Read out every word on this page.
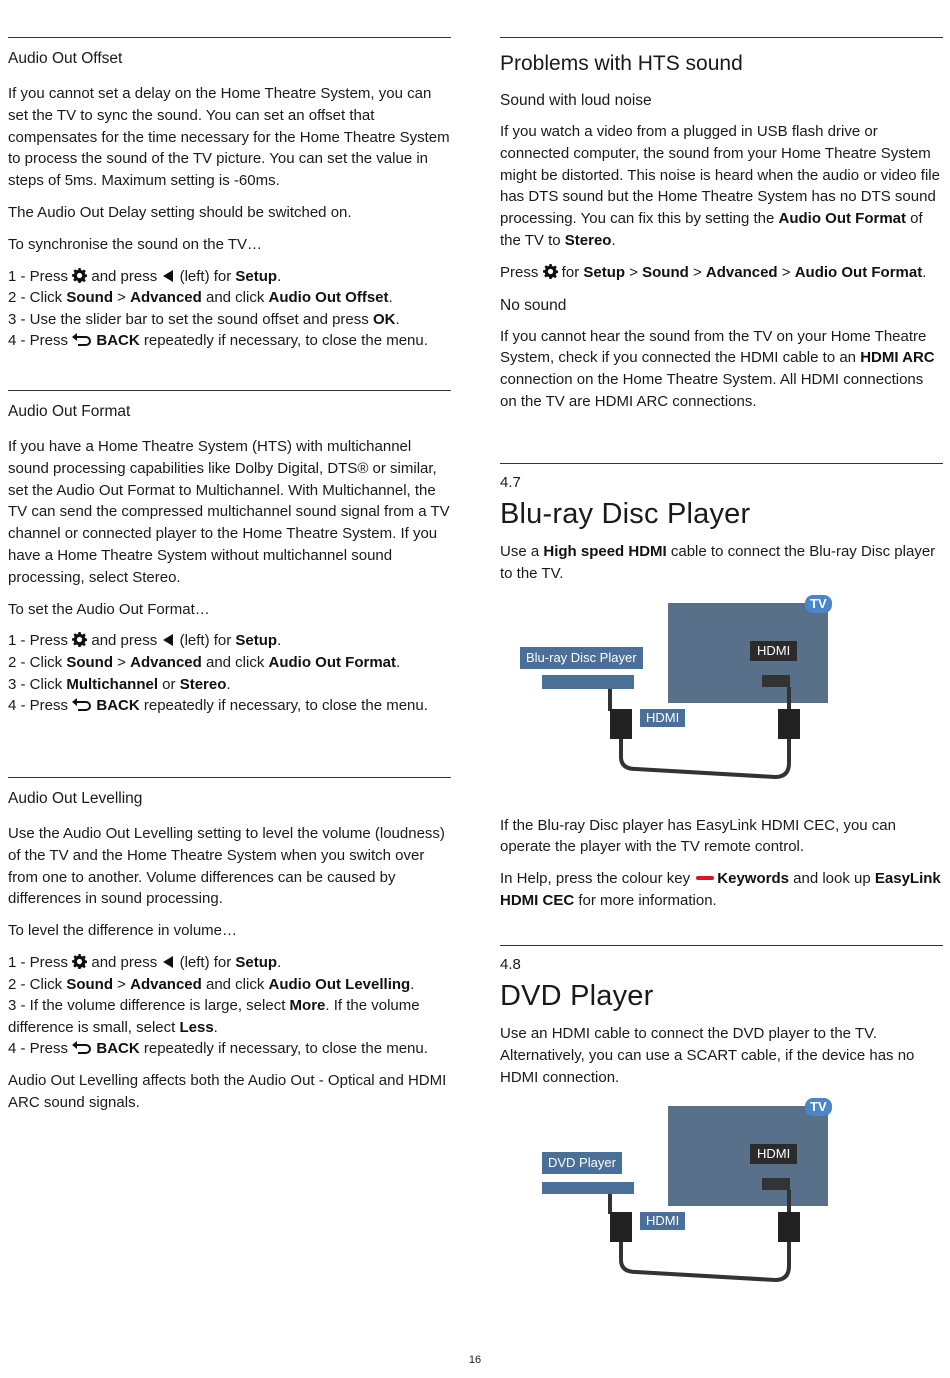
Audio Out Offset

If you cannot set a delay on the Home Theatre System, you can set the TV to sync the sound. You can set an offset that compensates for the time necessary for the Home Theatre System to process the sound of the TV picture. You can set the value in steps of 5ms. Maximum setting is -60ms.

The Audio Out Delay setting should be switched on.

To synchronise the sound on the TV…

1 - Press  and press  (left) for Setup.
2 - Click Sound > Advanced and click Audio Out Offset.
3 - Use the slider bar to set the sound offset and press OK.
4 - Press  BACK repeatedly if necessary, to close the menu.
Audio Out Format

If you have a Home Theatre System (HTS) with multichannel sound processing capabilities like Dolby Digital, DTS® or similar, set the Audio Out Format to Multichannel. With Multichannel, the TV can send the compressed multichannel sound signal from a TV channel or connected player to the Home Theatre System. If you have a Home Theatre System without multichannel sound processing, select Stereo.

To set the Audio Out Format…

1 - Press  and press  (left) for Setup.
2 - Click Sound > Advanced and click Audio Out Format.
3 - Click Multichannel or Stereo.
4 - Press  BACK repeatedly if necessary, to close the menu.
Audio Out Levelling

Use the Audio Out Levelling setting to level the volume (loudness) of the TV and the Home Theatre System when you switch over from one to another. Volume differences can be caused by differences in sound processing.

To level the difference in volume…

1 - Press  and press  (left) for Setup.
2 - Click Sound > Advanced and click Audio Out Levelling.
3 - If the volume difference is large, select More. If the volume difference is small, select Less.
4 - Press  BACK repeatedly if necessary, to close the menu.

Audio Out Levelling affects both the Audio Out - Optical and HDMI ARC sound signals.

Problems with HTS sound
Sound with loud noise

If you watch a video from a plugged in USB flash drive or connected computer, the sound from your Home Theatre System might be distorted. This noise is heard when the audio or video file has DTS sound but the Home Theatre System has no DTS sound processing. You can fix this by setting the Audio Out Format of the TV to Stereo.

Press  for Setup > Sound > Advanced > Audio Out Format.

No sound

If you cannot hear the sound from the TV on your Home Theatre System, check if you connected the HDMI cable to an HDMI ARC connection on the Home Theatre System. All HDMI connections on the TV are HDMI ARC connections.

4.7
Blu-ray Disc Player

Use a High speed HDMI cable to connect the Blu-ray Disc player to the TV.

TV
HDMI
Blu-ray Disc Player
HDMI

If the Blu-ray Disc player has EasyLink HDMI CEC, you can operate the player with the TV remote control.

In Help, press the colour key Keywords and look up EasyLink HDMI CEC for more information.

4.8
DVD Player

Use an HDMI cable to connect the DVD player to the TV. Alternatively, you can use a SCART cable, if the device has no HDMI connection.

TV
HDMI
DVD Player
HDMI
16
